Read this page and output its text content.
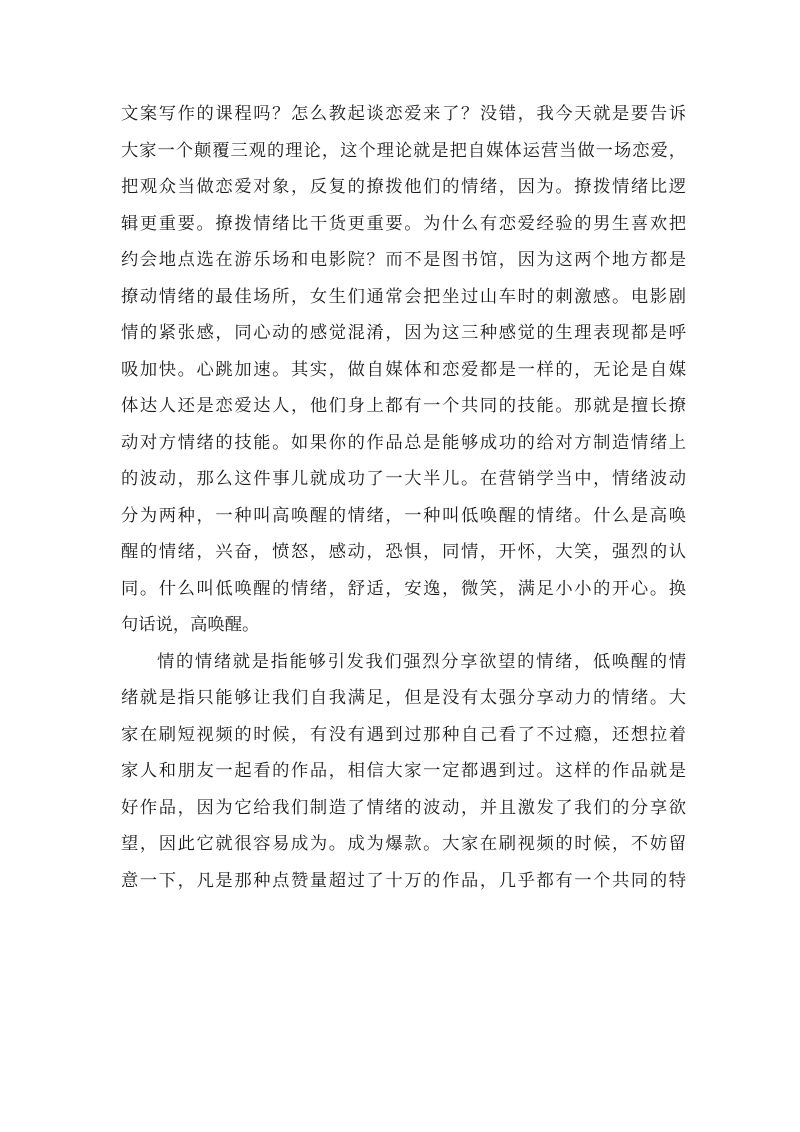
文案写作的课程吗？怎么教起谈恋爱来了？没错，我今天就是要告诉
大家一个颠覆三观的理论，这个理论就是把自媒体运营当做一场恋爱，
把观众当做恋爱对象，反复的撩拨他们的情绪，因为。撩拨情绪比逻
辑更重要。撩拨情绪比干货更重要。为什么有恋爱经验的男生喜欢把
约会地点选在游乐场和电影院？而不是图书馆，因为这两个地方都是
撩动情绪的最佳场所，女生们通常会把坐过山车时的刺激感。电影剧
情的紧张感，同心动的感觉混淆，因为这三种感觉的生理表现都是呼
吸加快。心跳加速。其实，做自媒体和恋爱都是一样的，无论是自媒
体达人还是恋爱达人，他们身上都有一个共同的技能。那就是擅长撩
动对方情绪的技能。如果你的作品总是能够成功的给对方制造情绪上
的波动，那么这件事儿就成功了一大半儿。在营销学当中，情绪波动
分为两种，一种叫高唤醒的情绪，一种叫低唤醒的情绪。什么是高唤
醒的情绪，兴奋，愤怒，感动，恐惧，同情，开怀，大笑，强烈的认
同。什么叫低唤醒的情绪，舒适，安逸，微笑，满足小小的开心。换
句话说，高唤醒。
情的情绪就是指能够引发我们强烈分享欲望的情绪，低唤醒的情
绪就是指只能够让我们自我满足，但是没有太强分享动力的情绪。大
家在刷短视频的时候，有没有遇到过那种自己看了不过瘾，还想拉着
家人和朋友一起看的作品，相信大家一定都遇到过。这样的作品就是
好作品，因为它给我们制造了情绪的波动，并且激发了我们的分享欲
望，因此它就很容易成为。成为爆款。大家在刷视频的时候，不妨留
意一下，凡是那种点赞量超过了十万的作品，几乎都有一个共同的特
